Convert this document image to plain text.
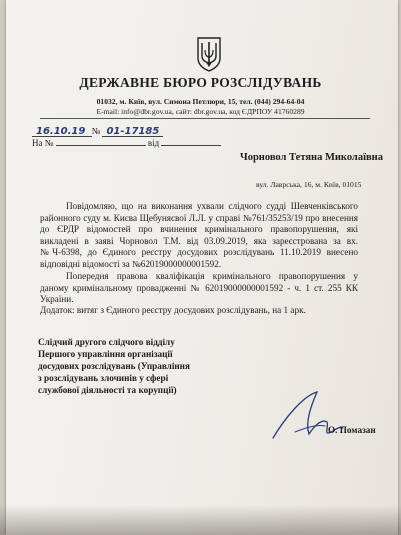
ДЕРЖАВНЕ БЮРО РОЗСЛІДУВАНЬ
01032, м. Київ, вул. Симона Петлюри, 15, тел. (044) 294-64-04
E-mail: info@dbr.gov.ua, сайт: dbr.gov.ua, код ЄДРПОУ 41760289
16.10.19 № 01-17185
На №	від
Чорновол Тетяна Миколаївна
вул. Лаврська, 16, м. Київ, 01015
Повідомляю, що на виконання ухвали слідчого судді Шевченківського районного суду м. Києва Щебуняєвої Л.Л. у справі №761/35253/19 про внесення до ЄРДР відомостей про вчинення кримінального правопорушення, які викладені в заяві Чорновол Т.М. від 03.09.2019, яка зареєстрована за вх. №Ч-6398, до Єдиного реєстру досудових розслідувань 11.10.2019 внесено відповідні відомості за №62019000000001592.
Попередня правова кваліфікація кримінального правопорушення у даному кримінальному провадженні № 62019000000001592 - ч. 1 ст. 255 КК України.
Додаток: витяг з Єдиного реєстру досудових розслідувань, на 1 арк.
Слідчий другого слідчого відділу
Першого управління організації
досудових розслідувань (Управління
з розслідувань злочинів у сфері
службової діяльності та корупції)
О. Помазан
